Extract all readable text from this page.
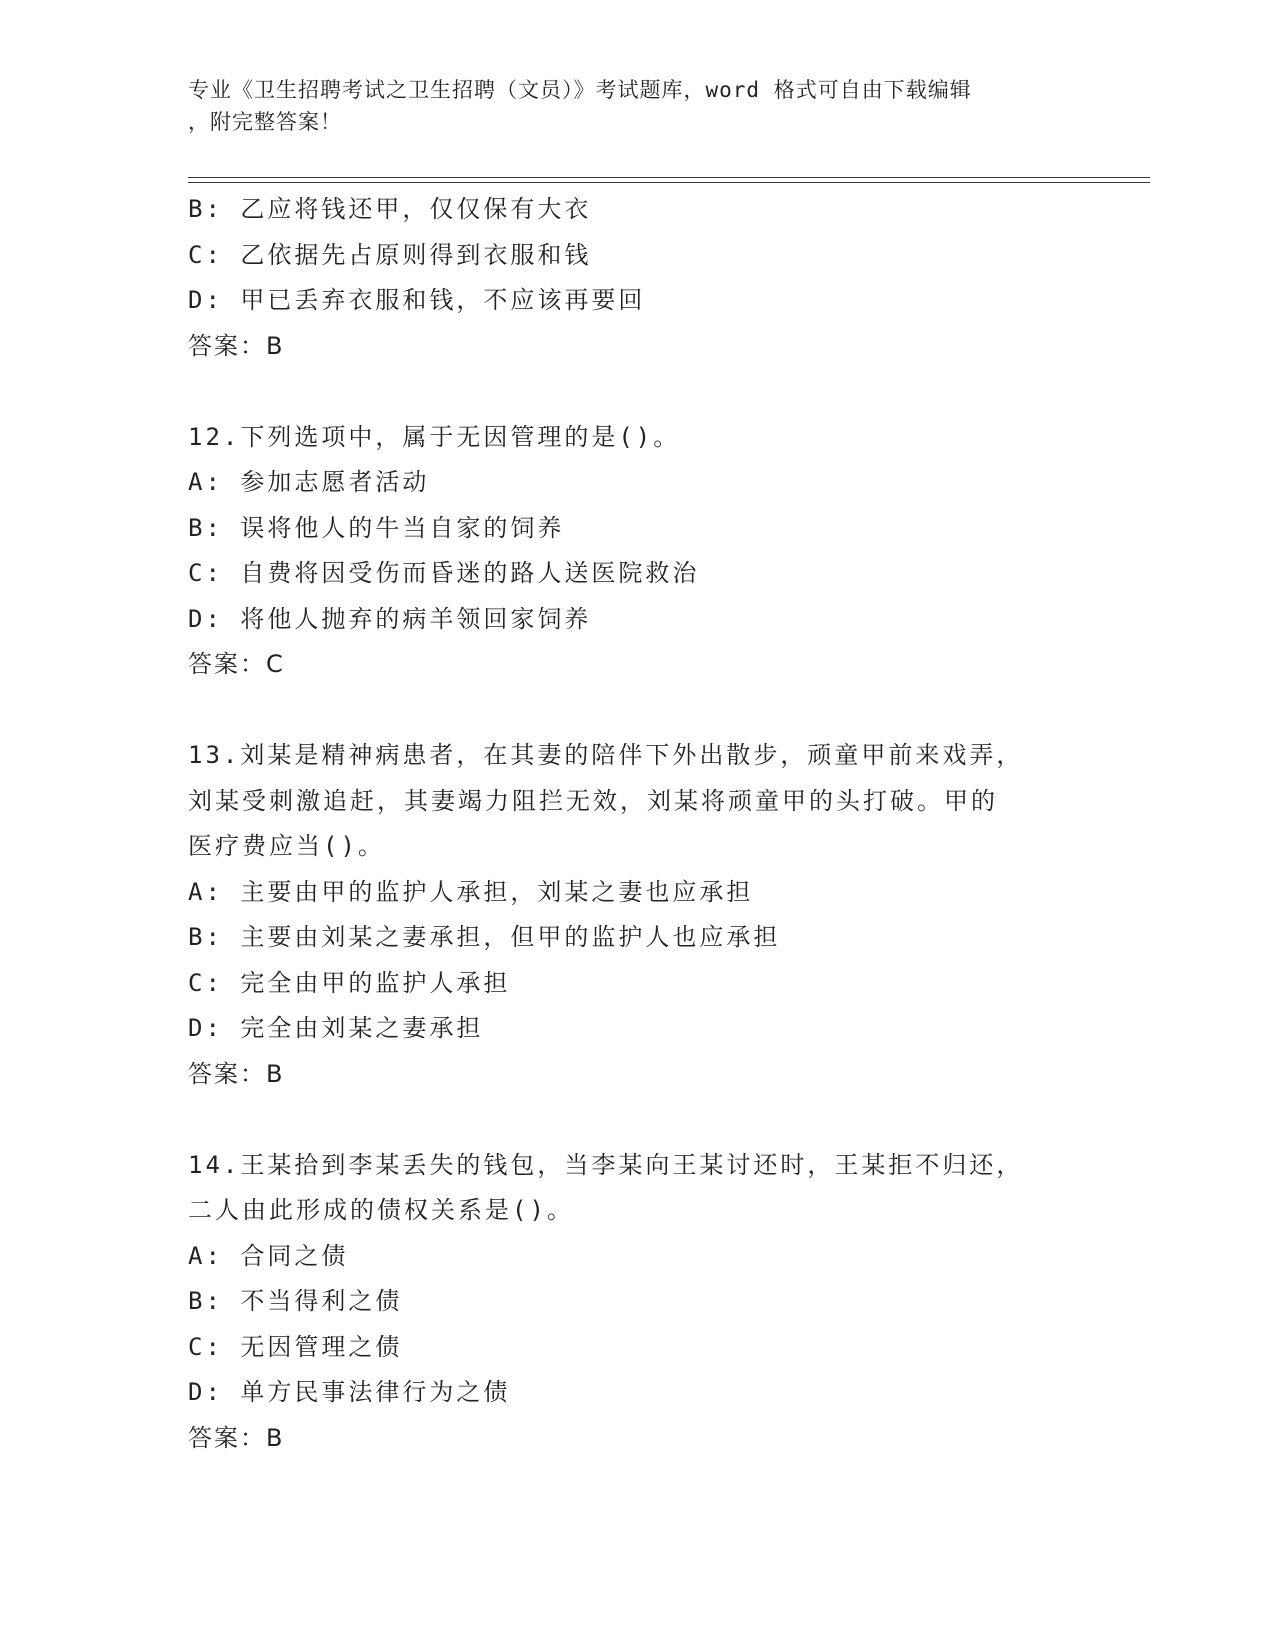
专业《卫生招聘考试之卫生招聘（文员）》考试题库，word 格式可自由下载编辑
，附完整答案！
B: 乙应将钱还甲，仅仅保有大衣
C: 乙依据先占原则得到衣服和钱
D: 甲已丢弃衣服和钱，不应该再要回
答案：B
12.下列选项中，属于无因管理的是()。
A: 参加志愿者活动
B: 误将他人的牛当自家的饲养
C: 自费将因受伤而昏迷的路人送医院救治
D: 将他人抛弃的病羊领回家饲养
答案：C
13.刘某是精神病患者，在其妻的陪伴下外出散步，顽童甲前来戏弄，
刘某受刺激追赶，其妻竭力阻拦无效，刘某将顽童甲的头打破。甲的
医疗费应当()。
A: 主要由甲的监护人承担，刘某之妻也应承担
B: 主要由刘某之妻承担，但甲的监护人也应承担
C: 完全由甲的监护人承担
D: 完全由刘某之妻承担
答案：B
14.王某拾到李某丢失的钱包，当李某向王某讨还时，王某拒不归还，
二人由此形成的债权关系是()。
A: 合同之债
B: 不当得利之债
C: 无因管理之债
D: 单方民事法律行为之债
答案：B
